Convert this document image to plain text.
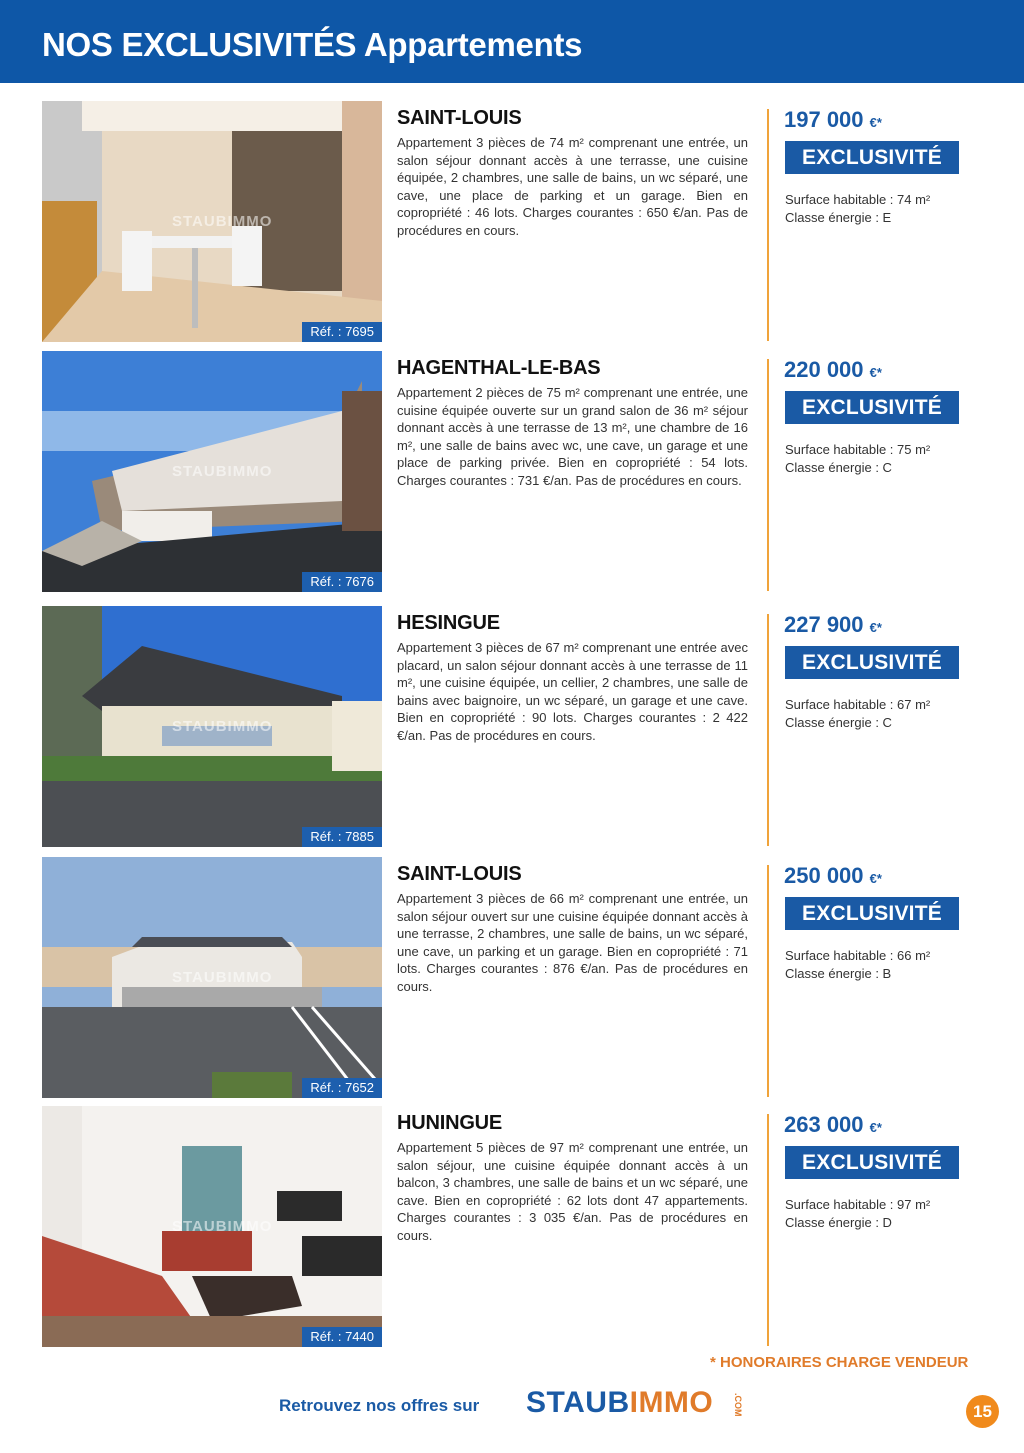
NOS EXCLUSIVITÉS Appartements
STAUBIMMO
Réf. : 7695
SAINT-LOUIS
Appartement 3 pièces de 74 m² comprenant une entrée, un salon séjour donnant accès à une terrasse, une cuisine équipée, 2 chambres, une salle de bains, un wc séparé, une cave, une place de parking et un garage. Bien en copropriété : 46 lots. Charges courantes : 650 €/an. Pas de procédures en cours.
197 000 €*
EXCLUSIVITÉ
Surface habitable : 74 m²
Classe énergie : E
STAUBIMMO
Réf. : 7676
HAGENTHAL-LE-BAS
Appartement 2 pièces de 75 m² comprenant une entrée, une cuisine équipée ouverte sur un grand salon de 36 m² séjour donnant accès à une terrasse de 13 m², une chambre de 16 m², une salle de bains avec wc, une cave, un garage et une place de parking privée. Bien en copropriété : 54 lots. Charges courantes : 731 €/an. Pas de procédures en cours.
220 000 €*
EXCLUSIVITÉ
Surface habitable : 75 m²
Classe énergie : C
STAUBIMMO
Réf. : 7885
HESINGUE
Appartement 3 pièces de 67 m² comprenant une entrée avec placard, un salon séjour donnant accès à une terrasse de 11 m², une cuisine équipée, un cellier, 2 chambres, une salle de bains avec baignoire, un wc séparé, un garage et une cave. Bien en copropriété : 90 lots. Charges courantes : 2 422 €/an. Pas de procédures en cours.
227 900 €*
EXCLUSIVITÉ
Surface habitable : 67 m²
Classe énergie : C
STAUBIMMO
Réf. : 7652
SAINT-LOUIS
Appartement 3 pièces de 66 m² comprenant une entrée, un salon séjour ouvert sur une cuisine équipée donnant accès à une terrasse, 2 chambres, une salle de bains, un wc séparé, une cave, un parking et un garage. Bien en copropriété : 71 lots. Charges courantes : 876 €/an. Pas de procédures en cours.
250 000 €*
EXCLUSIVITÉ
Surface habitable : 66 m²
Classe énergie : B
STAUBIMMO
Réf. : 7440
HUNINGUE
Appartement 5 pièces de 97 m² comprenant une entrée, un salon séjour, une cuisine équipée donnant accès à un balcon, 3 chambres, une salle de bains et un wc séparé, une cave. Bien en copropriété : 62 lots dont 47 appartements. Charges courantes : 3 035 €/an. Pas de procédures en cours.
263 000 €*
EXCLUSIVITÉ
Surface habitable : 97 m²
Classe énergie : D
* HONORAIRES CHARGE VENDEUR
Retrouvez nos offres sur STAUBIMMO .COM	15
